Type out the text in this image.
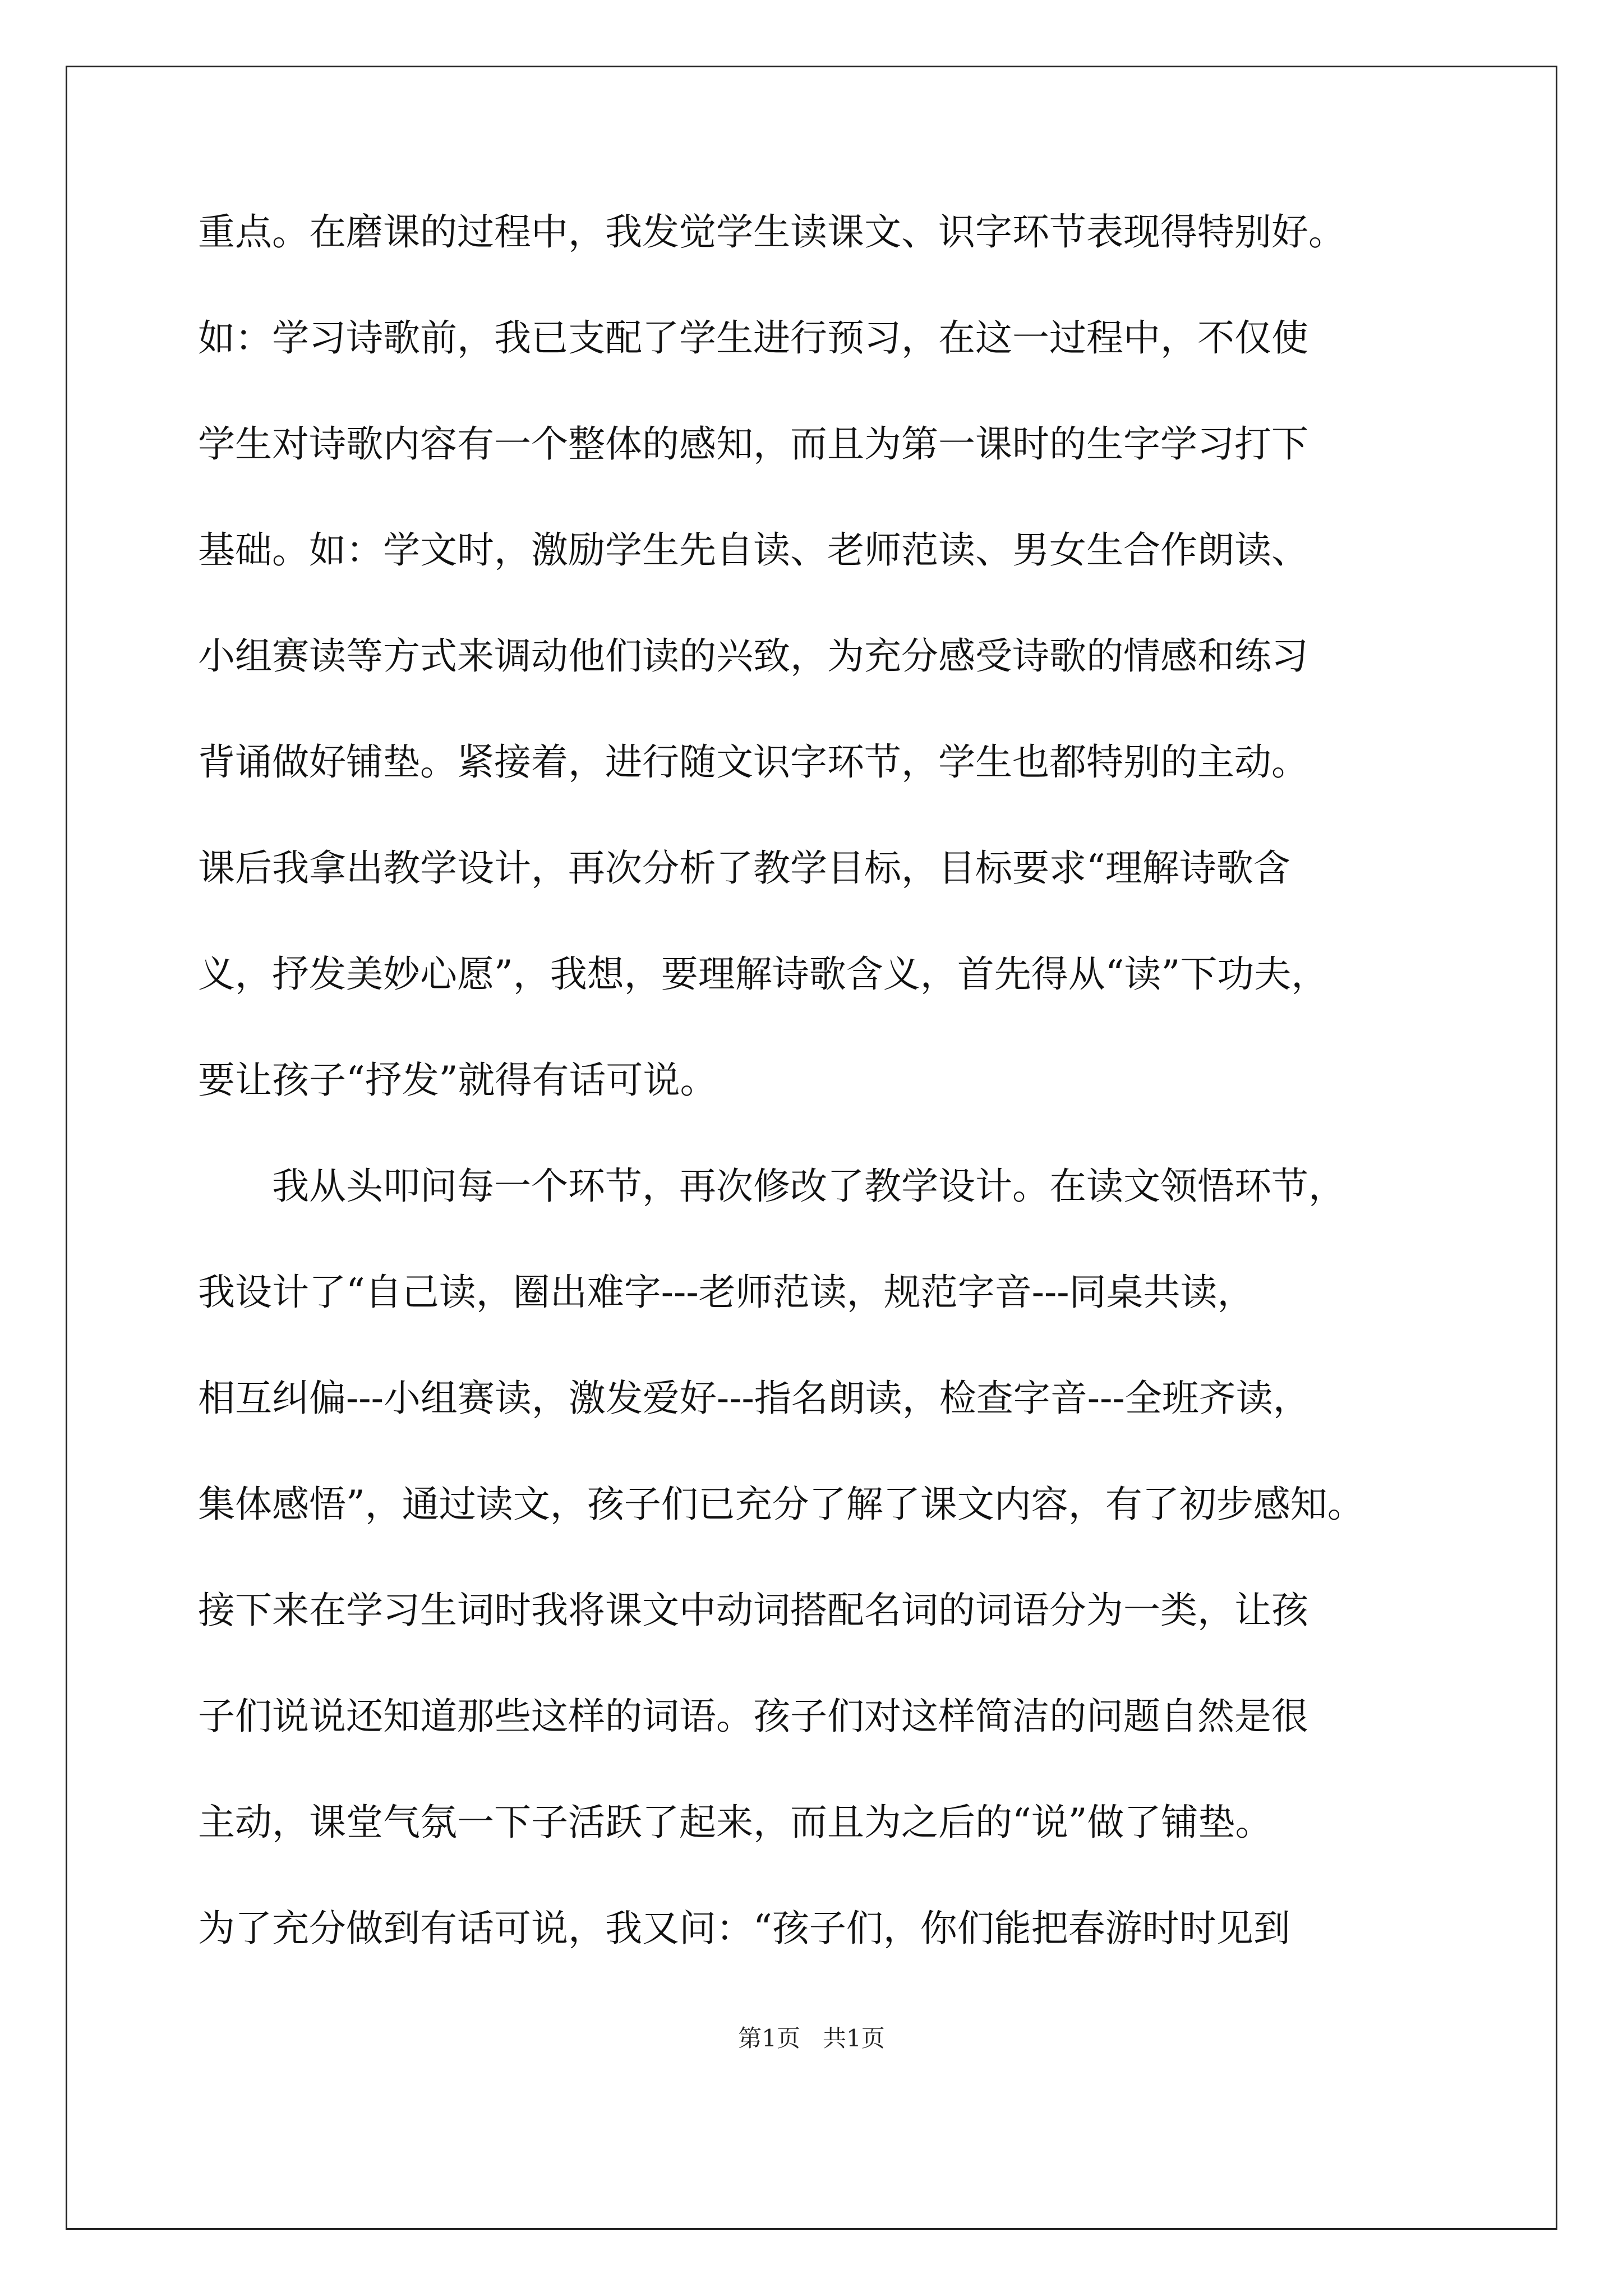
重点。在磨课的过程中，我发觉学生读课文、识字环节表现得特别好。
如：学习诗歌前，我已支配了学生进行预习，在这一过程中，不仅使
学生对诗歌内容有一个整体的感知，而且为第一课时的生字学习打下
基础。如：学文时，激励学生先自读、老师范读、男女生合作朗读、
小组赛读等方式来调动他们读的兴致，为充分感受诗歌的情感和练习
背诵做好铺垫。紧接着，进行随文识字环节，学生也都特别的主动。
课后我拿出教学设计，再次分析了教学目标，目标要求“理解诗歌含
义，抒发美妙心愿”，我想，要理解诗歌含义，首先得从“读”下功夫，
要让孩子“抒发”就得有话可说。
　　我从头叩问每一个环节，再次修改了教学设计。在读文领悟环节，
我设计了“自己读，圈出难字---老师范读，规范字音---同桌共读，
相互纠偏---小组赛读，激发爱好---指名朗读，检查字音---全班齐读，
集体感悟”，通过读文，孩子们已充分了解了课文内容，有了初步感知。
接下来在学习生词时我将课文中动词搭配名词的词语分为一类，让孩
子们说说还知道那些这样的词语。孩子们对这样简洁的问题自然是很
主动，课堂气氛一下子活跃了起来，而且为之后的“说”做了铺垫。
为了充分做到有话可说，我又问：“孩子们，你们能把春游时时见到
第1页   共1页
